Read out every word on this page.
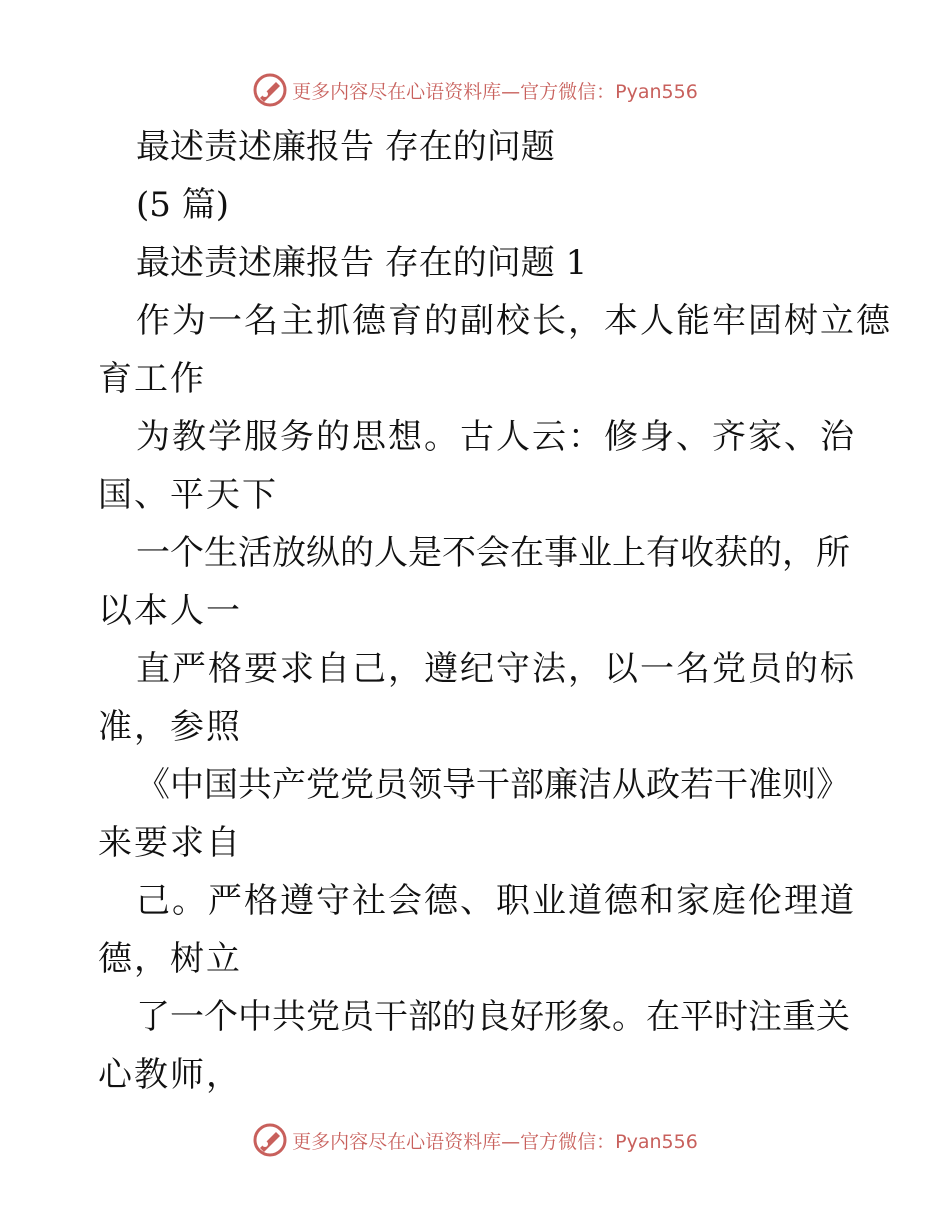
更多内容尽在心语资料库—官方微信：Pyan556
最述责述廉报告 存在的问题
(5 篇)
最述责述廉报告 存在的问题 1
作为一名主抓德育的副校长，本人能牢固树立德
育工作
为教学服务的思想。古人云：修身、齐家、治
国、平天下
一个生活放纵的人是不会在事业上有收获的，所
以本人一
直严格要求自己，遵纪守法，以一名党员的标
准，参照
《中国共产党党员领导干部廉洁从政若干准则》
来要求自
己。严格遵守社会德、职业道德和家庭伦理道
德，树立
了一个中共党员干部的良好形象。在平时注重关
心教师，
更多内容尽在心语资料库—官方微信：Pyan556
